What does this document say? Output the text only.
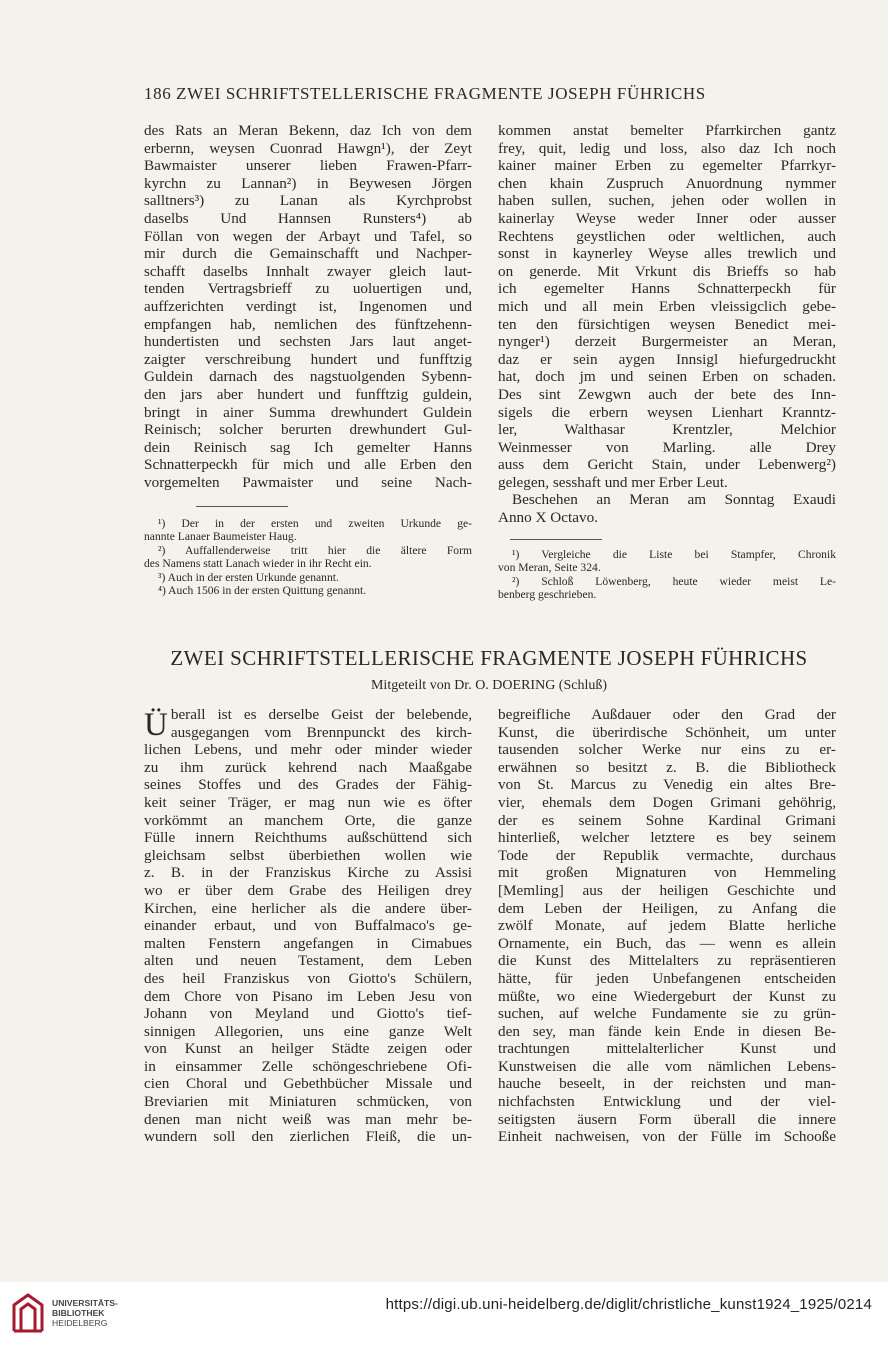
186 ZWEI SCHRIFTSTELLERISCHE FRAGMENTE JOSEPH FÜHRICHS
des Rats an Meran Bekenn, daz Ich von dem
erbernn, weysen Cuonrad Hawgn¹), der Zeyt
Bawmaister unserer lieben Frawen-Pfarr-
kyrchn zu Lannan²) in Beywesen Jörgen
salltners³) zu Lanan als Kyrchprobst
daselbs Und Hannsen Runsters⁴) ab
Föllan von wegen der Arbayt und Tafel, so
mir durch die Gemainschafft und Nachper-
schafft daselbs Innhalt zwayer gleich laut-
tenden Vertragsbrieff zu uoluertigen und,
auffzerichten verdingt ist, Ingenomen und
empfangen hab, nemlichen des fünftzehenn-
hundertisten und sechsten Jars laut anget-
zaigter verschreibung hundert und funfftzig
Guldein darnach des nagstuolgenden Sybenn-
den jars aber hundert und funfftzig guldein,
bringt in ainer Summa drewhundert Guldein
Reinisch; solcher berurten drewhundert Gul-
dein Reinisch sag Ich gemelter Hanns
Schnatterpeckh für mich und alle Erben den
vorgemelten Pawmaister und seine Nach-
kommen anstat bemelter Pfarrkirchen gantz
frey, quit, ledig und loss, also daz Ich noch
kainer mainer Erben zu egemelter Pfarrkyr-
chen khain Zuspruch Anuordnung nymmer
haben sullen, suchen, jehen oder wollen in
kainerlay Weyse weder Inner oder ausser
Rechtens geystlichen oder weltlichen, auch
sonst in kaynerley Weyse alles trewlich und
on generde. Mit Vrkunt dis Brieffs so hab
ich egemelter Hanns Schnatterpeckh für
mich und all mein Erben vleissigclich gebe-
ten den fürsichtigen weysen Benedict mei-
nynger¹) derzeit Burgermeister an Meran,
daz er sein aygen Innsigl hiefurgedruckht
hat, doch jm und seinen Erben on schaden.
Des sint Zewgwn auch der bete des Inn-
sigels die erbern weysen Lienhart Kranntz-
ler, Walthasar Krentzler, Melchior
Weinmesser von Marling. alle Drey
auss dem Gericht Stain, under Lebenwerg²)
gelegen, sesshaft und mer Erber Leut.
Beschehen an Meran am Sonntag Exaudi
Anno X Octavo.
¹) Der in der ersten und zweiten Urkunde ge-
nannte Lanaer Baumeister Haug.
²) Auffallenderweise tritt hier die ältere Form
des Namens statt Lanach wieder in ihr Recht ein.
³) Auch in der ersten Urkunde genannt.
⁴) Auch 1506 in der ersten Quittung genannt.
¹) Vergleiche die Liste bei Stampfer, Chronik
von Meran, Seite 324.
²) Schloß Löwenberg, heute wieder meist Le-
benberg geschrieben.
ZWEI SCHRIFTSTELLERISCHE FRAGMENTE JOSEPH FÜHRICHS
Mitgeteilt von Dr. O. DOERING (Schluß)
Ü berall ist es derselbe Geist der belebende,
ausgegangen vom Brennpunckt des kirch-
lichen Lebens, und mehr oder minder wieder
zu ihm zurück kehrend nach Maaßgabe
seines Stoffes und des Grades der Fähig-
keit seiner Träger, er mag nun wie es öfter
vorkömmt an manchem Orte, die ganze
Fülle innern Reichthums außschüttend sich
gleichsam selbst überbiethen wollen wie
z. B. in der Franziskus Kirche zu Assisi
wo er über dem Grabe des Heiligen drey
Kirchen, eine herlicher als die andere über-
einander erbaut, und von Buffalmaco's ge-
malten Fenstern angefangen in Cimabues
alten und neuen Testament, dem Leben
des heil Franziskus von Giotto's Schülern,
dem Chore von Pisano im Leben Jesu von
Johann von Meyland und Giotto's tief-
sinnigen Allegorien, uns eine ganze Welt
von Kunst an heilger Städte zeigen oder
in einsammer Zelle schöngeschriebene Ofi-
cien Choral und Gebethbücher Missale und
Breviarien mit Miniaturen schmücken, von
denen man nicht weiß was man mehr be-
wundern soll den zierlichen Fleiß, die un-
begreifliche Außdauer oder den Grad der
Kunst, die überirdische Schönheit, um unter
tausenden solcher Werke nur eins zu er-
erwähnen so besitzt z. B. die Bibliotheck
von St. Marcus zu Venedig ein altes Bre-
vier, ehemals dem Dogen Grimani gehöhrig,
der es seinem Sohne Kardinal Grimani
hinterließ, welcher letztere es bey seinem
Tode der Republik vermachte, durchaus
mit großen Mignaturen von Hemmeling
[Memling] aus der heiligen Geschichte und
dem Leben der Heiligen, zu Anfang die
zwölf Monate, auf jedem Blatte herliche
Ornamente, ein Buch, das — wenn es allein
die Kunst des Mittelalters zu repräsentieren
hätte, für jeden Unbefangenen entscheiden
müßte, wo eine Wiedergeburt der Kunst zu
suchen, auf welche Fundamente sie zu grün-
den sey, man fände kein Ende in diesen Be-
trachtungen mittelalterlicher Kunst und
Kunstweisen die alle vom nämlichen Lebens-
hauche beseelt, in der reichsten und man-
nichfachsten Entwicklung und der viel-
seitigsten äusern Form überall die innere
Einheit nachweisen, von der Fülle im Schooße
UNIVERSITÄTS-
BIBLIOTHEK
HEIDELBERG
https://digi.ub.uni-heidelberg.de/diglit/christliche_kunst1924_1925/0214
